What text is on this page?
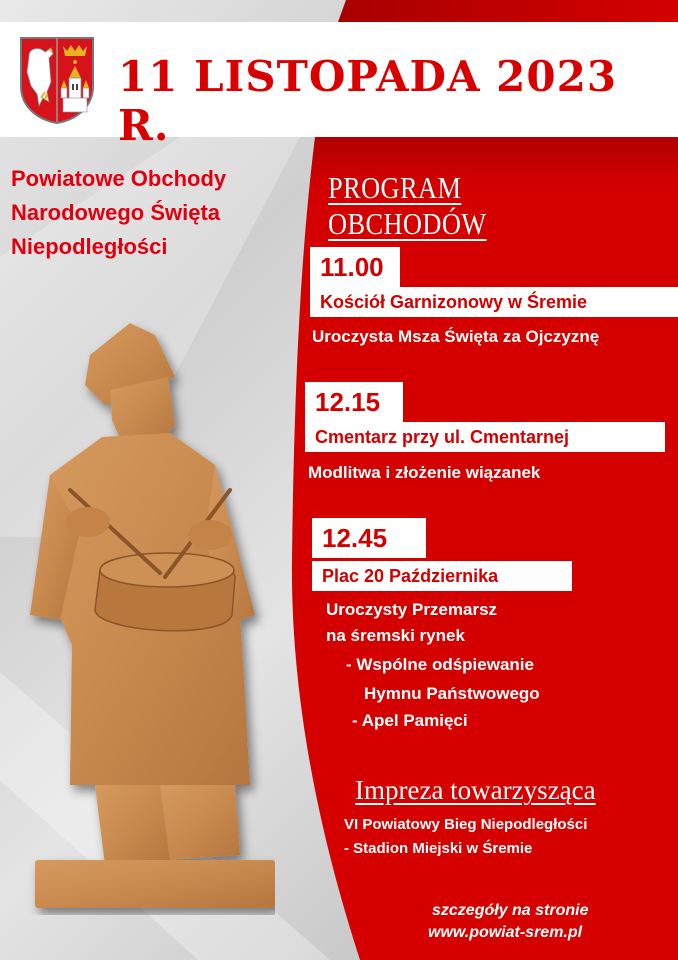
11 LISTOPADA 2023 R.
Powiatowe Obchody
Narodowego Święta
Niepodległości
PROGRAM OBCHODÓW
11.00
Kościół Garnizonowy w Śremie
Uroczysta Msza Święta za Ojczyznę
12.15
Cmentarz przy ul. Cmentarnej
Modlitwa i złożenie wiązanek
12.45
Plac 20 Października
Uroczysty Przemarsz
na śremski rynek
- Wspólne odśpiewanie
Hymnu Państwowego
- Apel Pamięci
Impreza towarzysząca
VI Powiatowy Bieg Niepodległości
- Stadion Miejski w Śremie
szczegóły na stronie
www.powiat-srem.pl
